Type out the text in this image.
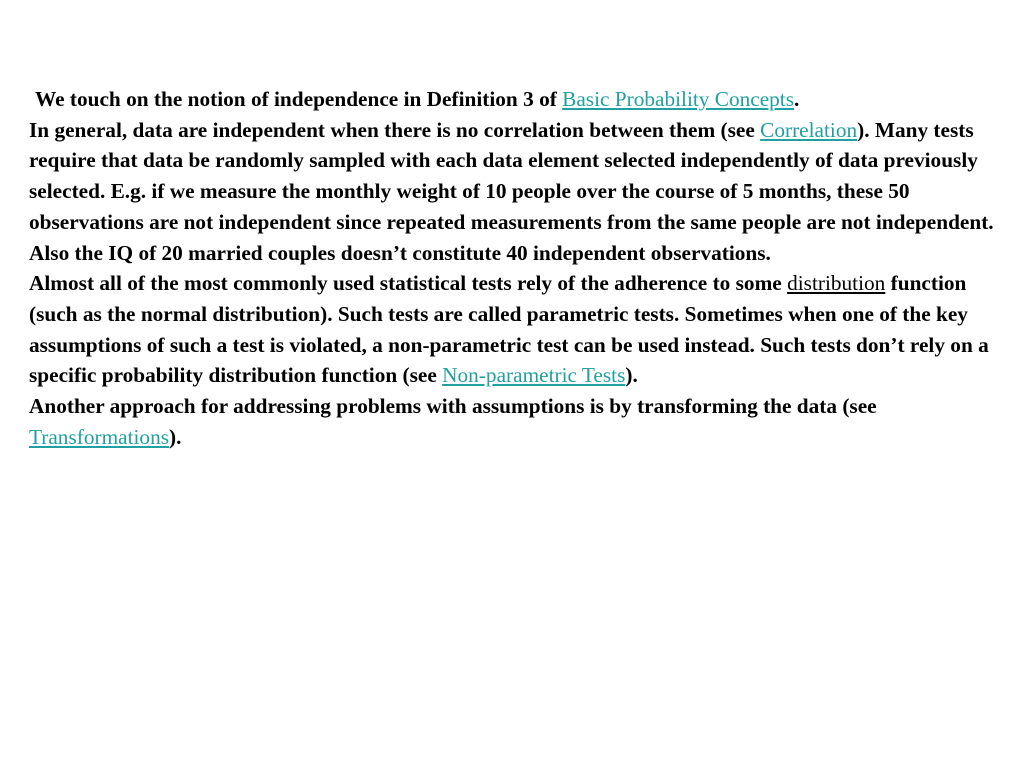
We touch on the notion of independence in Definition 3 of Basic Probability Concepts.

In general, data are independent when there is no correlation between them (see Correlation). Many tests require that data be randomly sampled with each data element selected independently of data previously selected. E.g. if we measure the monthly weight of 10 people over the course of 5 months, these 50 observations are not independent since repeated measurements from the same people are not independent.

Also the IQ of 20 married couples doesn’t constitute 40 independent observations.

Almost all of the most commonly used statistical tests rely of the adherence to some distribution function (such as the normal distribution). Such tests are called parametric tests. Sometimes when one of the key assumptions of such a test is violated, a non-parametric test can be used instead. Such tests don’t rely on a specific probability distribution function (see Non-parametric Tests).

Another approach for addressing problems with assumptions is by transforming the data (see Transformations).
